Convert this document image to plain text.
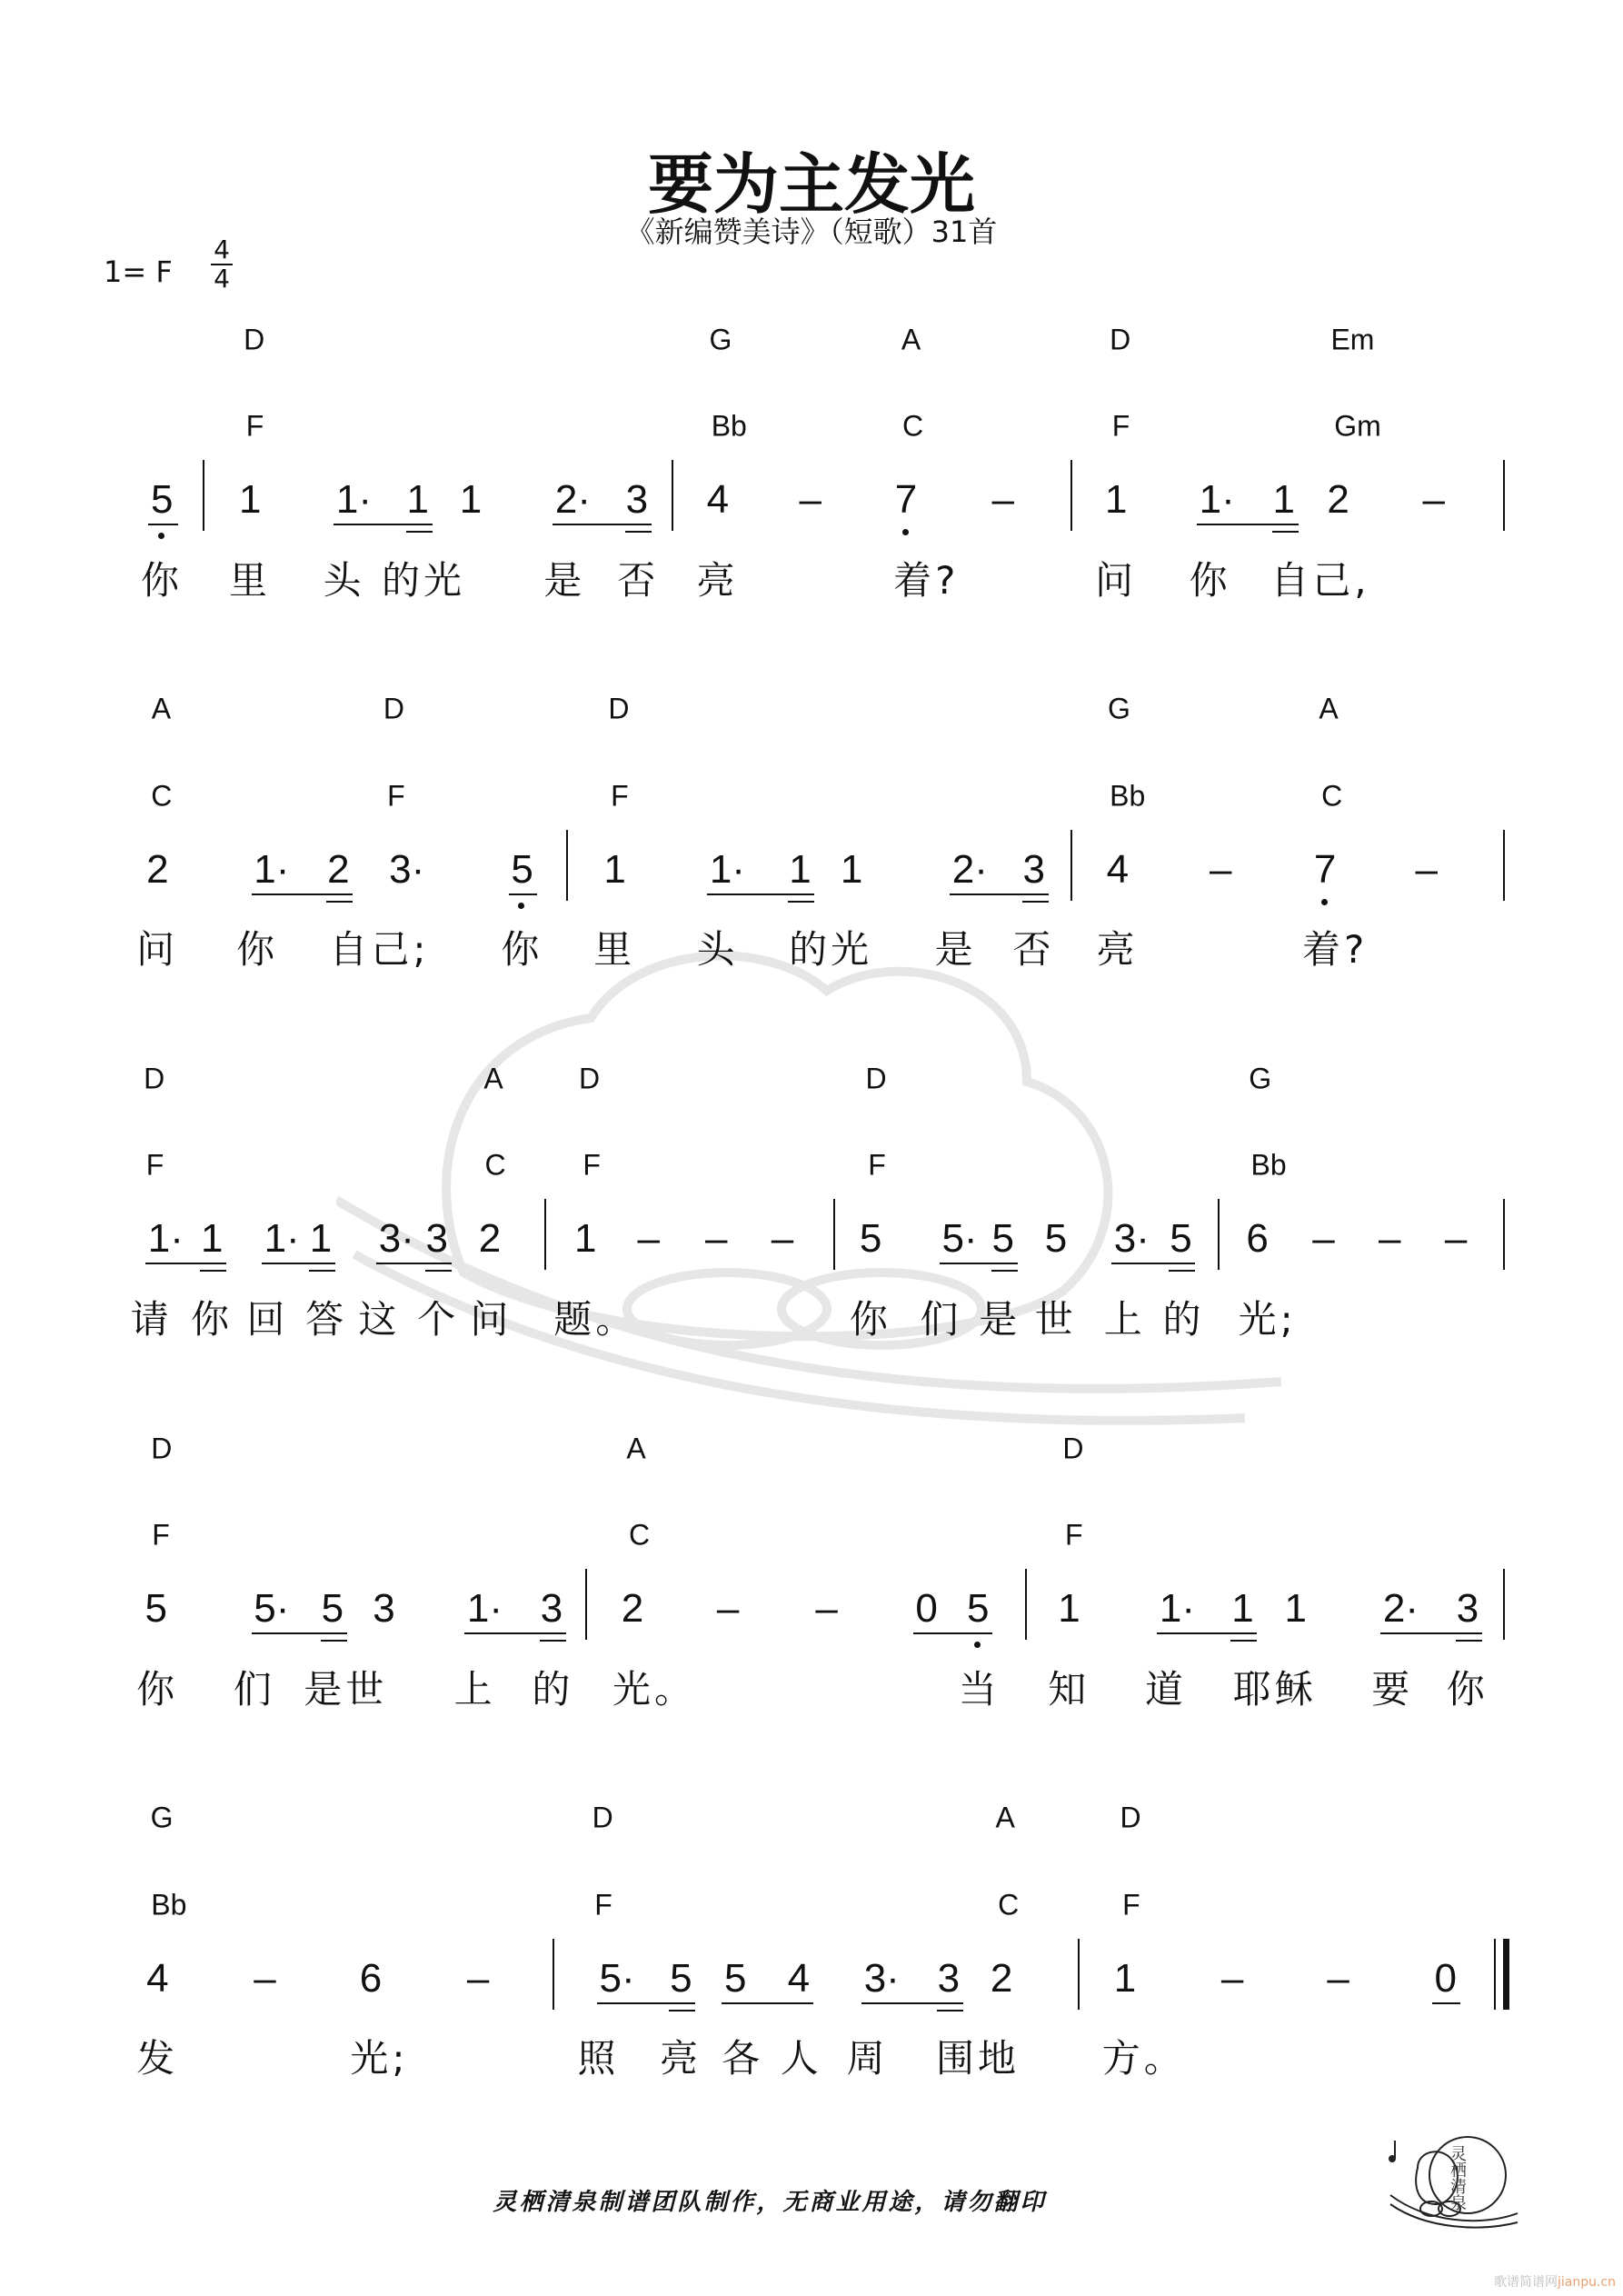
要为主发光
《新编赞美诗》（短歌）31首
1= F
4
4
D	G	A	D	Em
F	Bb	C	F	Gm
5 1 1· 1 1 2· 3 4 – 7 – 1 1· 1 2 –
你 里 头 的光 是 否 亮	着?	问 你 自己,
A	D	D	G	A
C	F	F	Bb	C
2 1· 2 3· 5 1 1· 1 1 2· 3 4 – 7 –
问 你 自己; 你 里 头 的光 是 否 亮	着?
D	A	D	D	G
F	C	F	F	Bb
1· 1 1· 1 3· 3 2 1 – – – 5 5· 5 5 3· 5 6 – – –
请 你 回 答 这 个 问 题。	你 们 是 世 上 的 光;
D	A	D
F	C	F
5 5· 5 3 1· 3 2 – – 0 5 1 1· 1 1 2· 3
你 们 是世 上 的 光。	当 知 道 耶稣 要 你
G	D	A	D
Bb	F	C	F
4 – 6 –	5· 5 5 4 3· 3 2	1 – – 0
发	光;	照 亮 各 人 周 围地 方。
灵栖清泉制谱团队制作，无商业用途，请勿翻印	灵栖清泉
歌谱简谱网jianpu.cn
